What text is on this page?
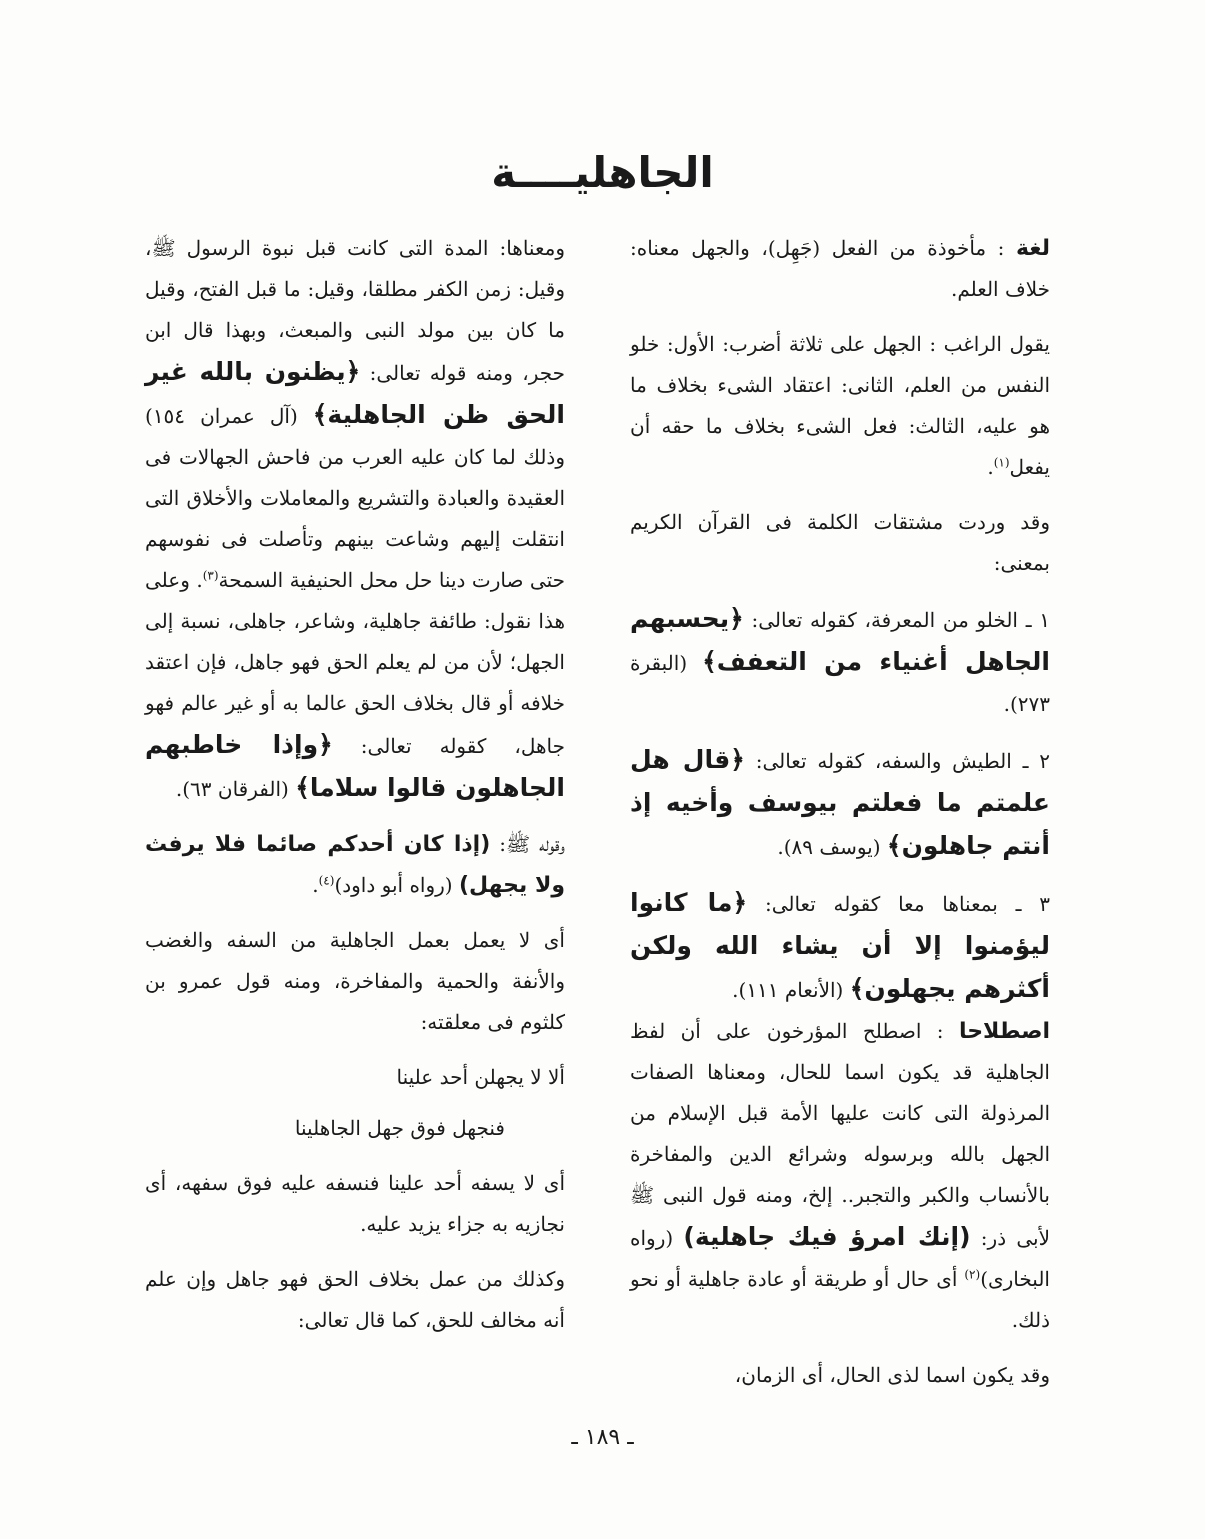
الجاهليــــة

لغة : مأخوذة من الفعل (جَهِل)، والجهل معناه: خلاف العلم.

يقول الراغب : الجهل على ثلاثة أضرب: الأول: خلو النفس من العلم، الثانى: اعتقاد الشىء بخلاف ما هو عليه، الثالث: فعل الشىء بخلاف ما حقه أن يفعل$^{(١)}$.

وقد وردت مشتقات الكلمة فى القرآن الكريم بمعنى:

١ ـ الخلو من المعرفة، كقوله تعالى: ﴿يحسبهم الجاهل أغنياء من التعفف﴾ (البقرة ٢٧٣).

٢ ـ الطيش والسفه، كقوله تعالى: ﴿قال هل علمتم ما فعلتم بيوسف وأخيه إذ أنتم جاهلون﴾ (يوسف ٨٩).

٣ ـ بمعناها معا كقوله تعالى: ﴿ما كانوا ليؤمنوا إلا أن يشاء الله ولكن أكثرهم يجهلون﴾ (الأنعام ١١١).

اصطلاحا : اصطلح المؤرخون على أن لفظ الجاهلية قد يكون اسما للحال، ومعناها الصفات المرذولة التى كانت عليها الأمة قبل الإسلام من الجهل بالله وبرسوله وشرائع الدين والمفاخرة بالأنساب والكبر والتجبر.. إلخ، ومنه قول النبى ﷺ لأبى ذر: (إنك امرؤ فيك جاهلية) (رواه البخارى)$^{(٢)}$ أى حال أو طريقة أو عادة جاهلية أو نحو ذلك.

وقد يكون اسما لذى الحال، أى الزمان،

ومعناها: المدة التى كانت قبل نبوة الرسول ﷺ، وقيل: زمن الكفر مطلقا، وقيل: ما قبل الفتح، وقيل ما كان بين مولد النبى والمبعث، وبهذا قال ابن حجر، ومنه قوله تعالى: ﴿يظنون بالله غير الحق ظن الجاهلية﴾ (آل عمران ١٥٤) وذلك لما كان عليه العرب من فاحش الجهالات فى العقيدة والعبادة والتشريع والمعاملات والأخلاق التى انتقلت إليهم وشاعت بينهم وتأصلت فى نفوسهم حتى صارت دينا حل محل الحنيفية السمحة$^{(٣)}$. وعلى هذا نقول: طائفة جاهلية، وشاعر، جاهلى، نسبة إلى الجهل؛ لأن من لم يعلم الحق فهو جاهل، فإن اعتقد خلافه أو قال بخلاف الحق عالما به أو غير عالم فهو جاهل، كقوله تعالى: ﴿وإذا خاطبهم الجاهلون قالوا سلاما﴾ (الفرقان ٦٣).

وقوله ﷺ: (إذا كان أحدكم صائما فلا يرفث ولا يجهل) (رواه أبو داود)$^{(٤)}$.

أى لا يعمل بعمل الجاهلية من السفه والغضب والأنفة والحمية والمفاخرة، ومنه قول عمرو بن كلثوم فى معلقته:

ألا لا يجهلن أحد علينا

فنجهل فوق جهل الجاهلينا

أى لا يسفه أحد علينا فنسفه عليه فوق سفهه، أى نجازيه به جزاء يزيد عليه.

وكذلك من عمل بخلاف الحق فهو جاهل وإن علم أنه مخالف للحق، كما قال تعالى:

ـ ١٨٩ ـ
